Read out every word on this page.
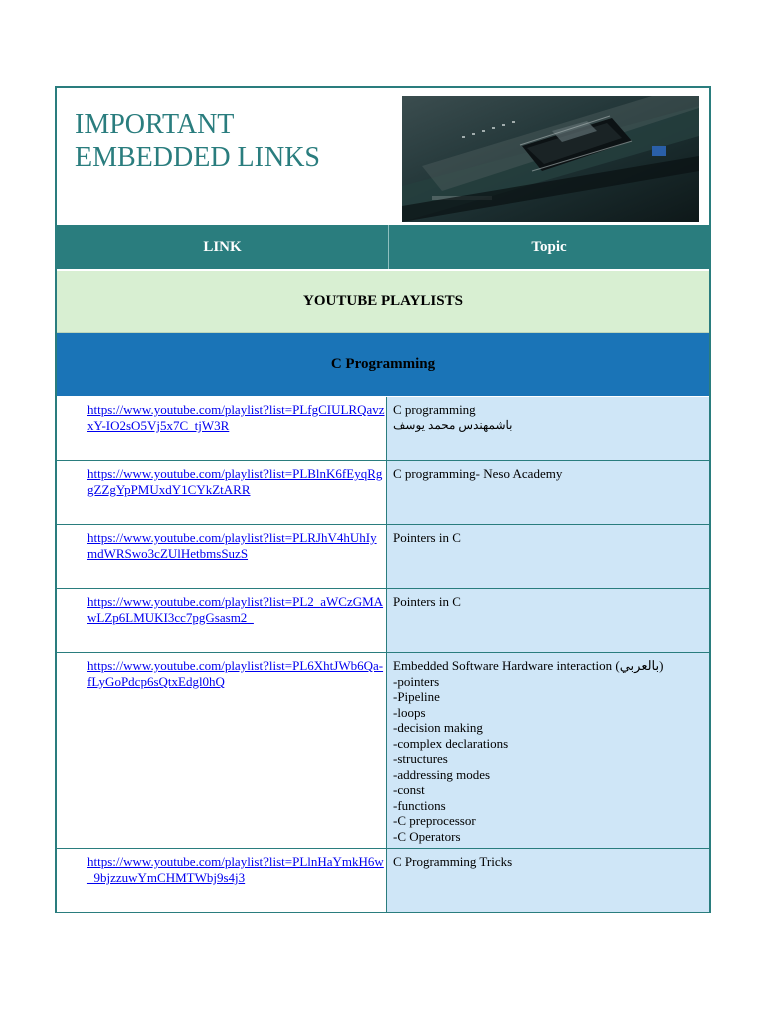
IMPORTANT
EMBEDDED LINKS
LINK	Topic
YOUTUBE PLAYLISTS
C Programming
https://www.youtube.com/playlist?list=PLfgCIULRQavzxY-IO2sO5Vj5x7C_tjW3R
C programming
باشمهندس محمد يوسف
https://www.youtube.com/playlist?list=PLBlnK6fEyqRggZZgYpPMUxdY1CYkZtARR
C programming- Neso Academy
https://www.youtube.com/playlist?list=PLRJhV4hUhIymdWRSwo3cZUlHetbmsSuzS
Pointers in C
https://www.youtube.com/playlist?list=PL2_aWCzGMAwLZp6LMUKI3cc7pgGsasm2_
Pointers in C
https://www.youtube.com/playlist?list=PL6XhtJWb6Qa-fLyGoPdcp6sQtxEdgl0hQ
Embedded Software Hardware interaction (بالعربي)
-pointers
-Pipeline
-loops
-decision making
-complex declarations
-structures
-addressing modes
-const
-functions
-C preprocessor
-C Operators
https://www.youtube.com/playlist?list=PLlnHaYmkH6w_9bjzzuwYmCHMTWbj9s4j3
C Programming Tricks
